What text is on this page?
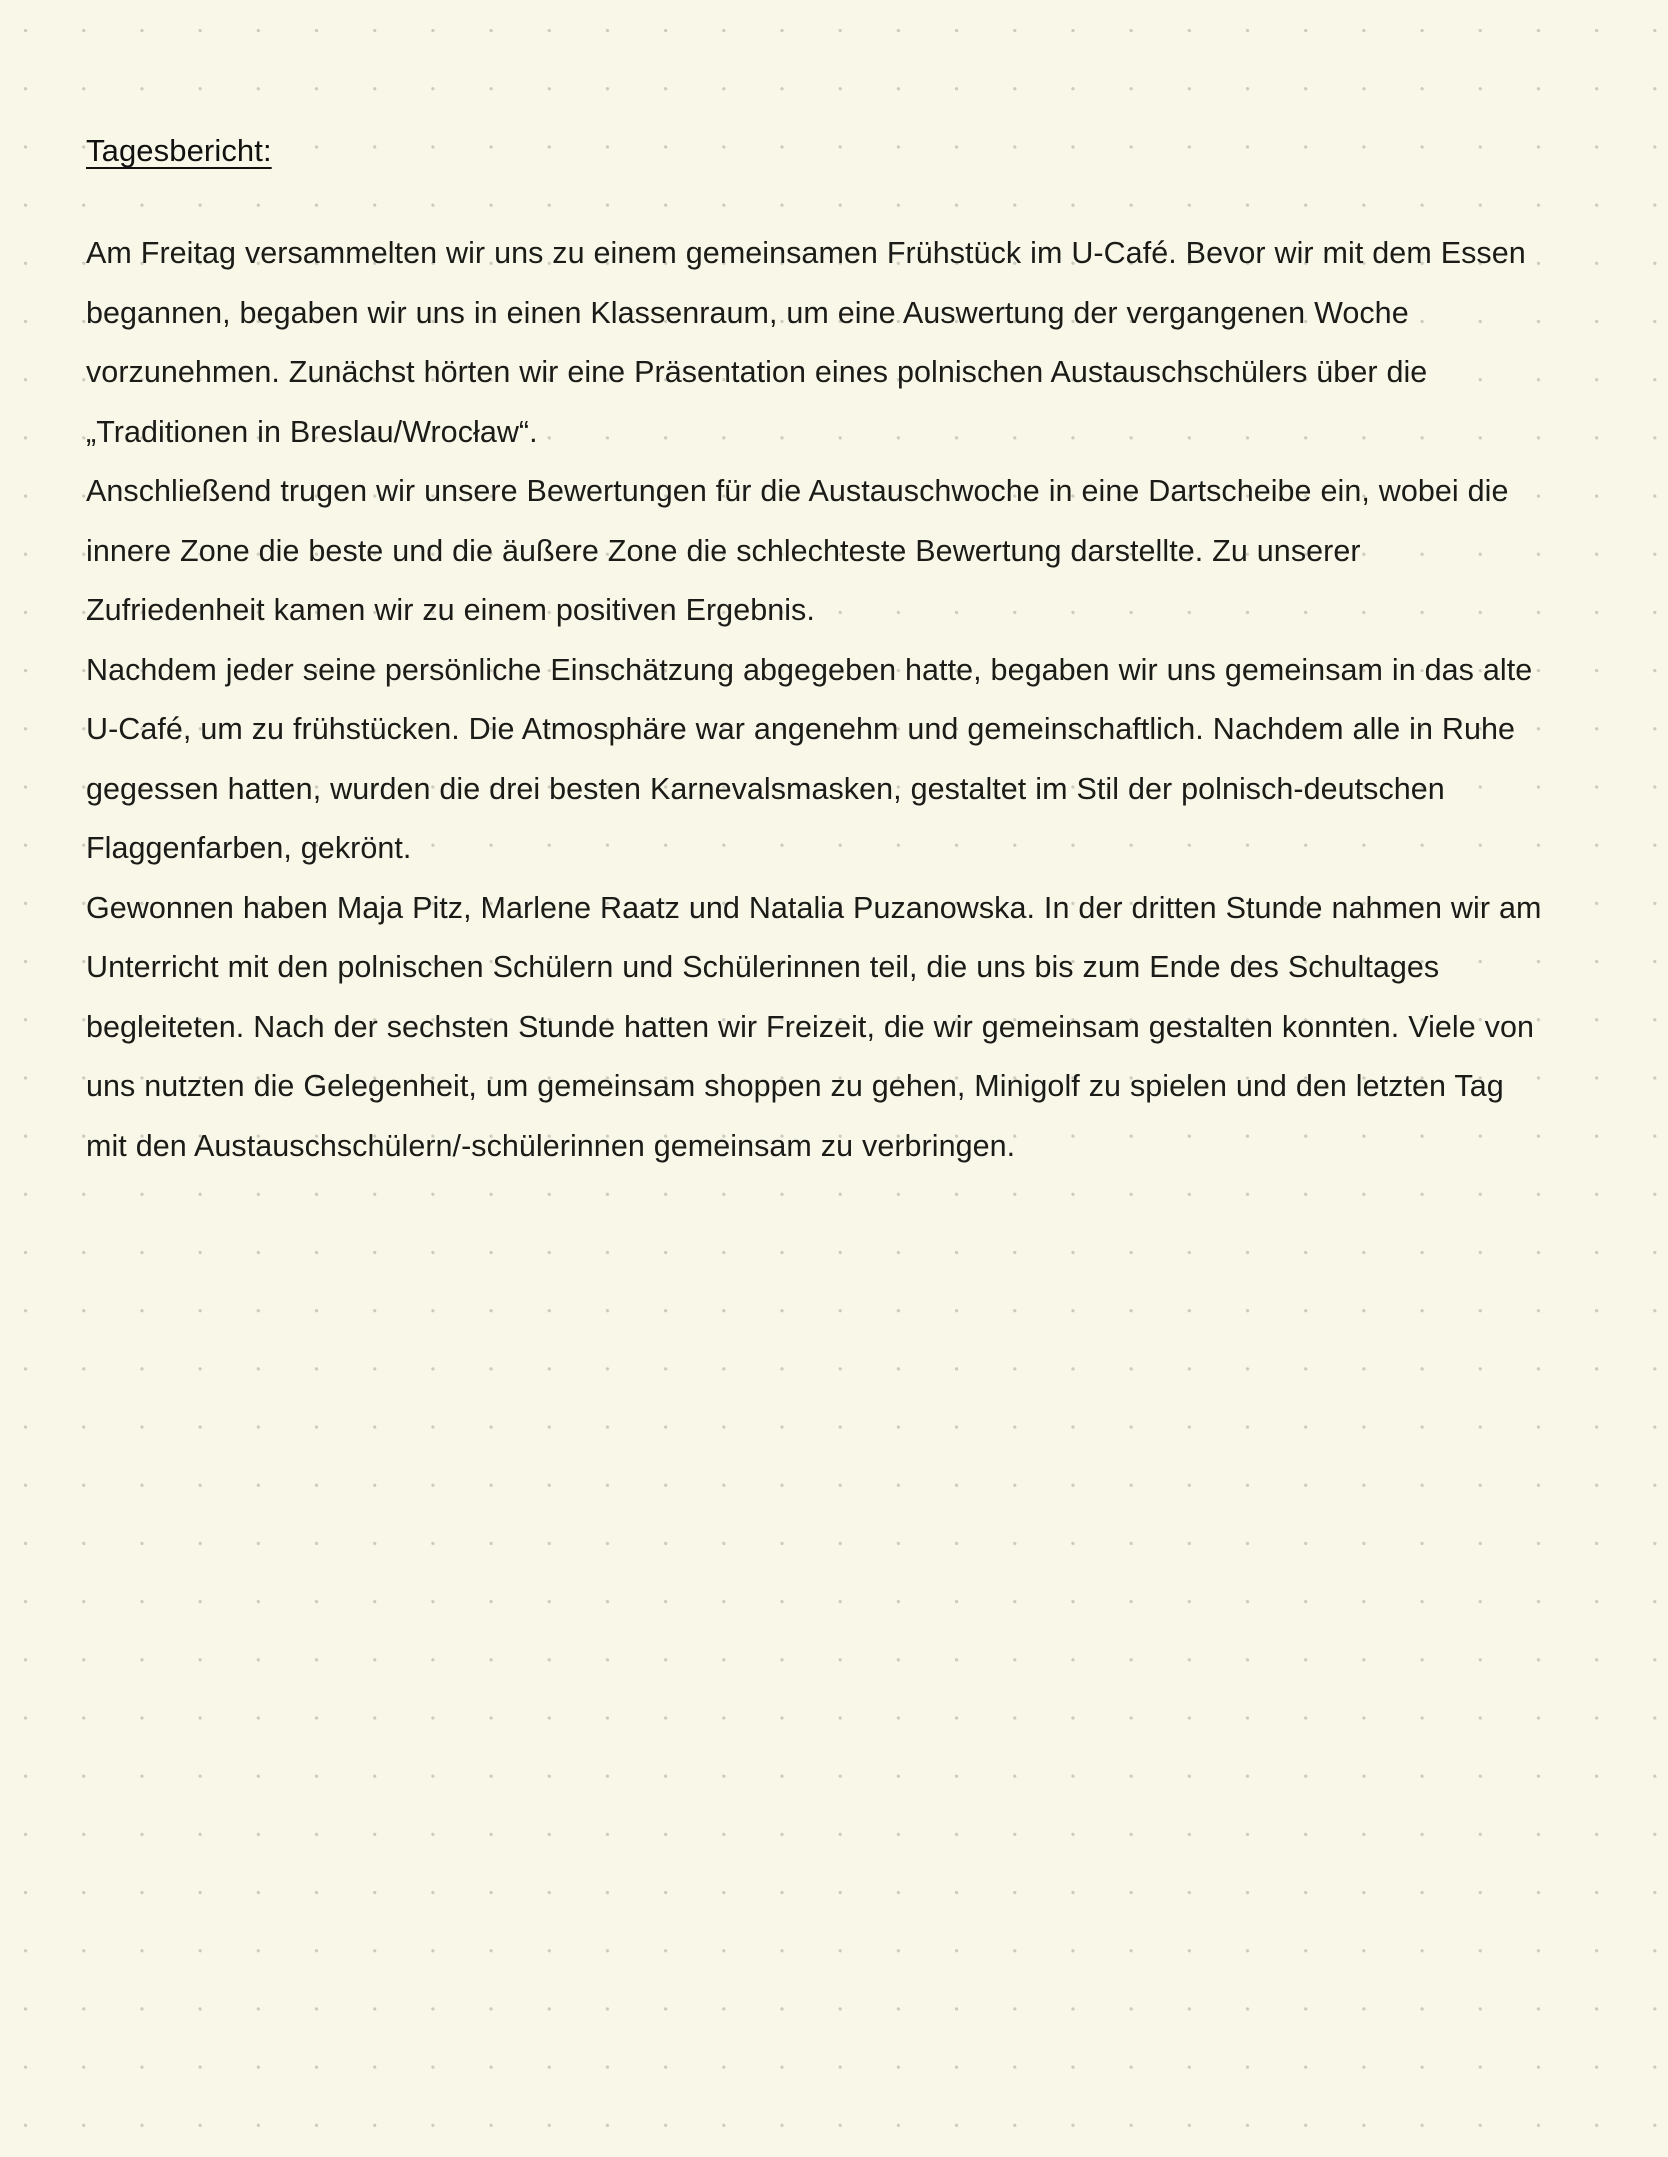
Tagesbericht:

Am Freitag versammelten wir uns zu einem gemeinsamen Frühstück im U-Café. Bevor wir mit dem Essen begannen, begaben wir uns in einen Klassenraum, um eine Auswertung der vergangenen Woche vorzunehmen. Zunächst hörten wir eine Präsentation eines polnischen Austauschschülers über die „Traditionen in Breslau/Wrocław“.

Anschließend trugen wir unsere Bewertungen für die Austauschwoche in eine Dartscheibe ein, wobei die innere Zone die beste und die äußere Zone die schlechteste Bewertung darstellte. Zu unserer Zufriedenheit kamen wir zu einem positiven Ergebnis.

Nachdem jeder seine persönliche Einschätzung abgegeben hatte, begaben wir uns gemeinsam in das alte U-Café, um zu frühstücken. Die Atmosphäre war angenehm und gemeinschaftlich. Nachdem alle in Ruhe gegessen hatten, wurden die drei besten Karnevalsmasken, gestaltet im Stil der polnisch-deutschen Flaggenfarben, gekrönt.

Gewonnen haben Maja Pitz, Marlene Raatz und Natalia Puzanowska. In der dritten Stunde nahmen wir am Unterricht mit den polnischen Schülern und Schülerinnen teil, die uns bis zum Ende des Schultages begleiteten. Nach der sechsten Stunde hatten wir Freizeit, die wir gemeinsam gestalten konnten. Viele von uns nutzten die Gelegenheit, um gemeinsam shoppen zu gehen, Minigolf zu spielen und den letzten Tag mit den Austauschschülern/-schülerinnen gemeinsam zu verbringen.
